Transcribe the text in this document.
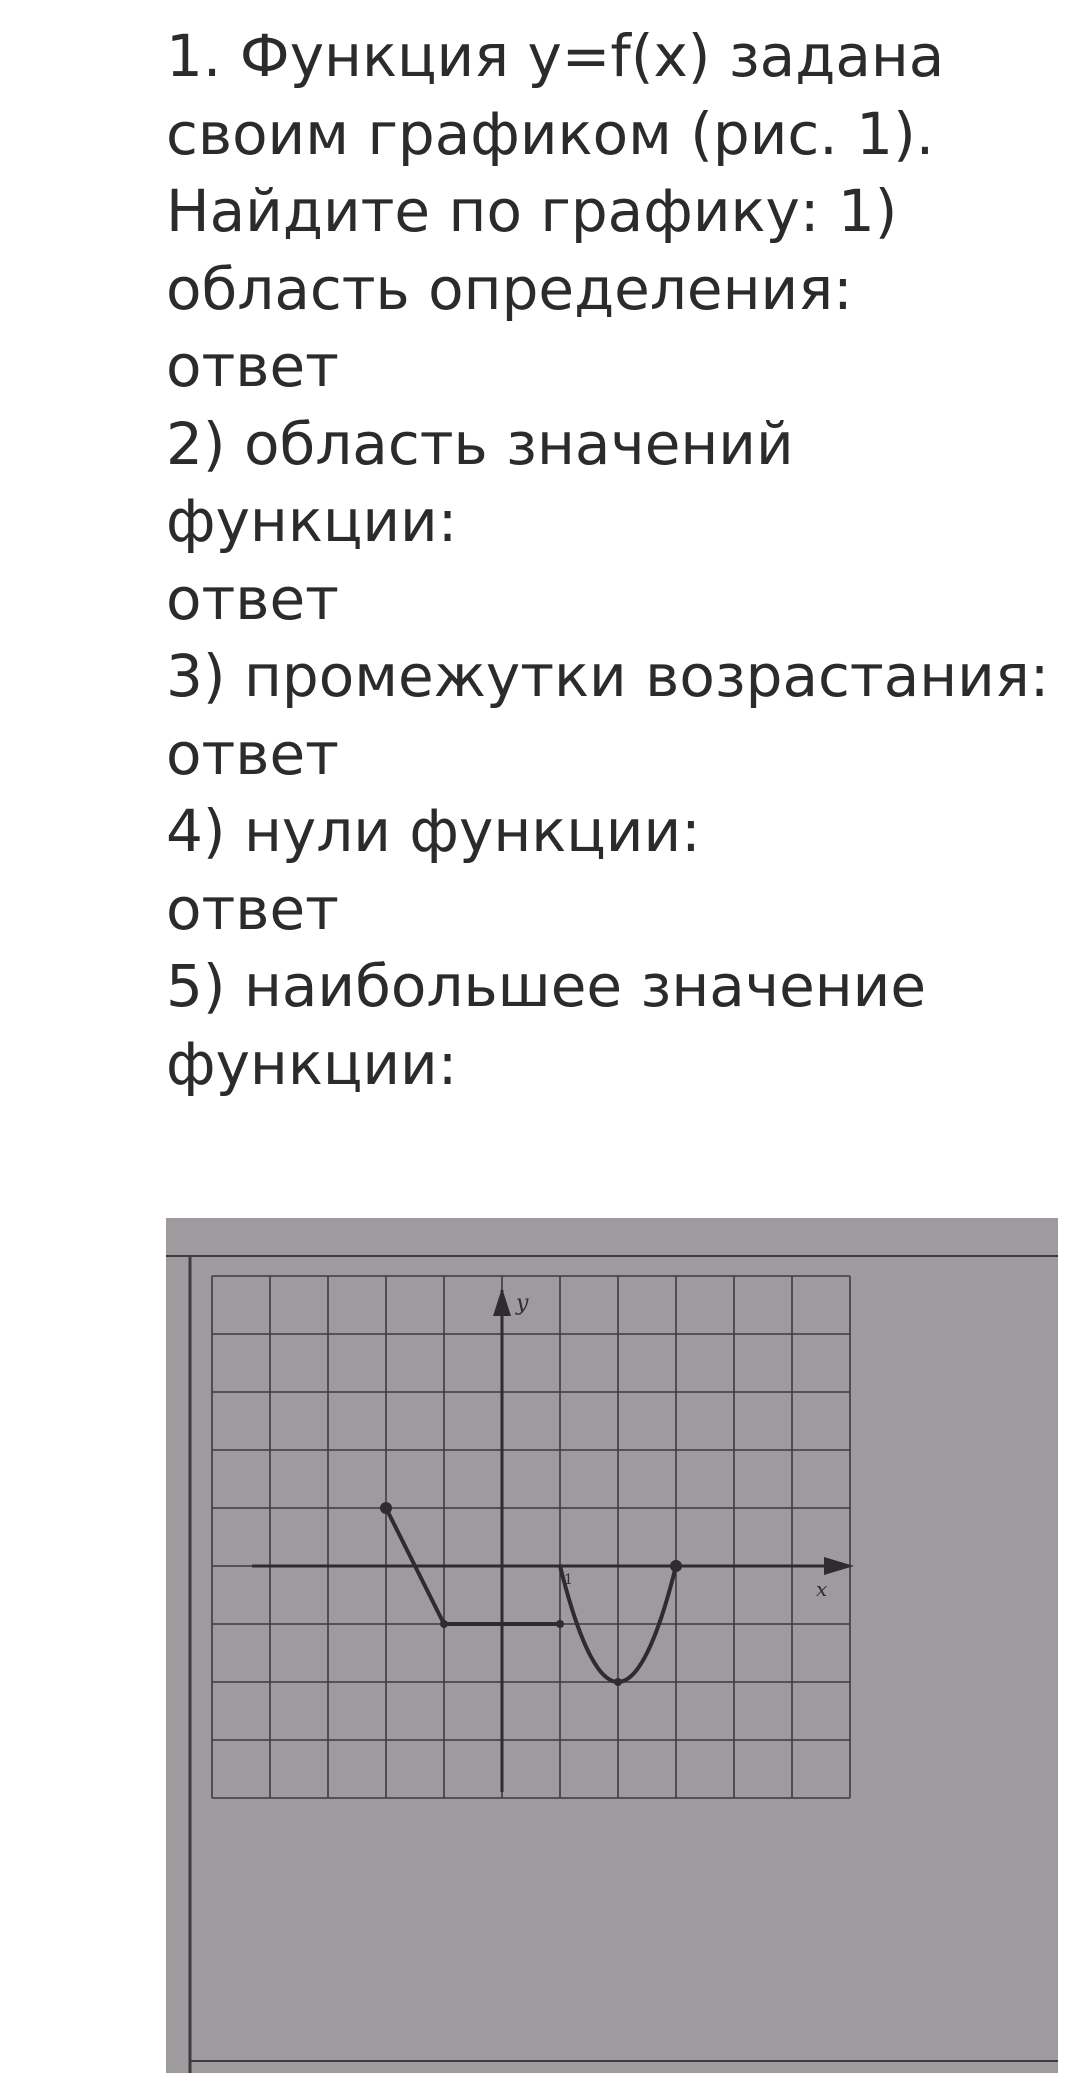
1. Функция y=f(x) задана
своим графиком (рис. 1).
Найдите по графику: 1)
область определения:
ответ
2) область значений
функции:
ответ
3) промежутки возрастания:
ответ
4) нули функции:
ответ
5) наибольшее значение
функции:
y
x
1
